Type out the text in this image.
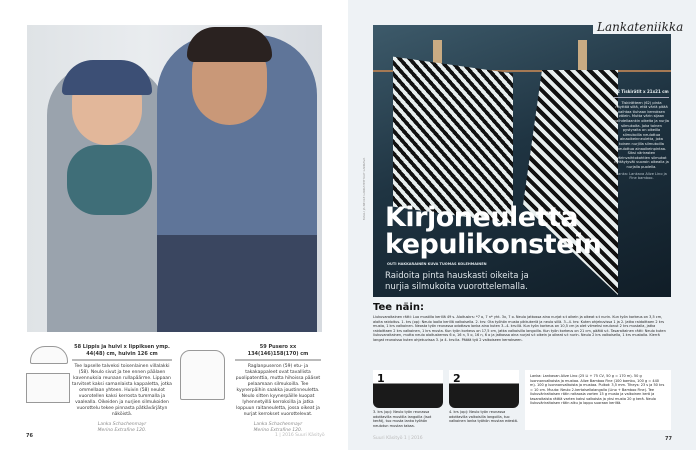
58 Lippis ja huivi x lippiksen ymp. 44(48) cm, huivin 126 cm
Tee lapselle talveksi toisenlainen villalakki (58). Neulo sivut ja tee ennen päälaen kavennuksia reunaan rullapäärme. Lippaan tarvitset kaksi samanlaista kappaletta, jotka ommellaan yhteen. Huivin (58) neulot vuorotellen kaksi kerrosta tummalla ja vaalealla. Oikeiden ja nurjien silmukoiden vuorottelu tekee pinnasta pätkävärjätyn näköistä.
Lanka Schachenmayr
Merino Extrafine 120.
59 Pusero xx 134(146)158(170) cm
Raglanpuseron (59) etu- ja takakappaleet ovat tavallista puolipatenttia, mutta hihoissa pääset pelaamaan silmukoilla. Tee kyynerpäihin saakka joustinneuletta. Neulo sitten kyynerpäille kuopat lyhennetyillä kerroksilla ja jatka loppuun raitaneuletta, jossa oikeat ja nurjat kerrokset vuorottelevat.
Lanka Schachenmayr
Merino Extrafine 120.
76	1 | 2016 Suuri Käsityö
Lankateniikka
62 Tiskirätit x 21x21 cm
Tiskirätteen (62) pinta näyttää siltä, että väriä pitää vaihtaa tiuhaan kerroksen välein. Mutta värin sijaan vaihdellaankin oikeita ja nurjia silmukoita. Joka toinen pystyraita on oikeilla silmukoilla neulottua ainaoikeinneuletta, joka toinen nurjilla silmukoilla neulottua ainaoikeinpintaa. Siksi värirasten värinvaihtokohtien silmukat nyttäytyvät vuoroin oikealla ja nurjalla puolella.
Lanka: Lankava Alize Lino ja Fine bamboo.
Kirjoneuletta
kepulikonstein
OUTI HAKKARAINEN KUVA TUOMAS KOLEHMAINEN
Raidoita pinta hauskasti oikeita ja nurjia silmukoita vuorottelemalla.
MALLI JA NEULE LANKATEHTAAT LANKAVA
Tee näin:
Liukuvaraitainen rätti: Luo mustilla kerillä 49 s. Aloituskrs: *7 o, 7 n* yht. 3x, 7 o. Neulo jatkossa aina nurjat s:t oikein ja oikeat s:t nurin. Kun työn korkeus on 3,5 cm, aloita raidoitus. 1. krs (op): Neulo loolla kerillä valkoisella. 2. krs: Ota työhön musta pikkukeriä ja neulo sillä. 3.–4. krs: Kuten ohjekuvissa 1 ja 2. Jatka raidoittaen 2 krs musta, 1 krs valkoinen. Neosta työn reunassa odottava lanka aina kuten 3.–4. krs:llä. Kun työn korkeus on 10,5 cm ja olet viimeksi neulonut 2 krs mustalla, jatka raidoittaen 2 krs valkoinen, 1 krs musta. Kun työn korkeus on 17,5 cm, jatka valkoisilla langoilla. Kun työn korkeus on 21 cm, päätä s:t. Tasaraitainen rätti: Neulo kuten liukuvaraitainen, mutta neulo aloituskerros 6 o, 16 n, 5 o, 16 n, 6 o ja jatkossa aina nurjat s:t oikein ja oikeat s:t nurin. Neulo 2 krs valkoisella, 1 krs mustalla. Kierrä langat reunoissa kuten ohjekuvissa 3. ja 4. krs:lla. Päätä työ 2 valkoiseen kerrokseen.
1
3. krs (op): Neulo työn reunassa odottavilla mustilla langoilla (isot kerät), tuo musta lanka työhön neulotun mustan takaa.
2
4. krs (op): Neulo työn reunassa odottavilla valkoisilla langoilla, tuo valkoinen lanka työhön mustan edestä.
Lanka: Lankavan Alize Lino (25 Li + 75 CV, 50 g = 170 m). 50 g luonnonvalkoista ja mustaa. Alize Bamboo Fine (100 bambu, 100 g = 440 m). 100 g luonnonvalkoista ja mustaa. Puikot: 3,5 mm. Tiheys: 23 s ja 50 krs = 10 cm. Muuta: Neulo 2-kertaisellalangalla (Lino + Bamboo Fine). Tee liukuväriraitaisen rätin raitaosia varten 15 g musta ja valkoinen kerä ja tasaraitaista rättiä varten kaksi valkoista ja yksi musta 20 g kerä. Neulo liukuväriraitaisen rätin alku ja loppu suoraan keriltä.
Suuri Käsityö 1 | 2016	77
